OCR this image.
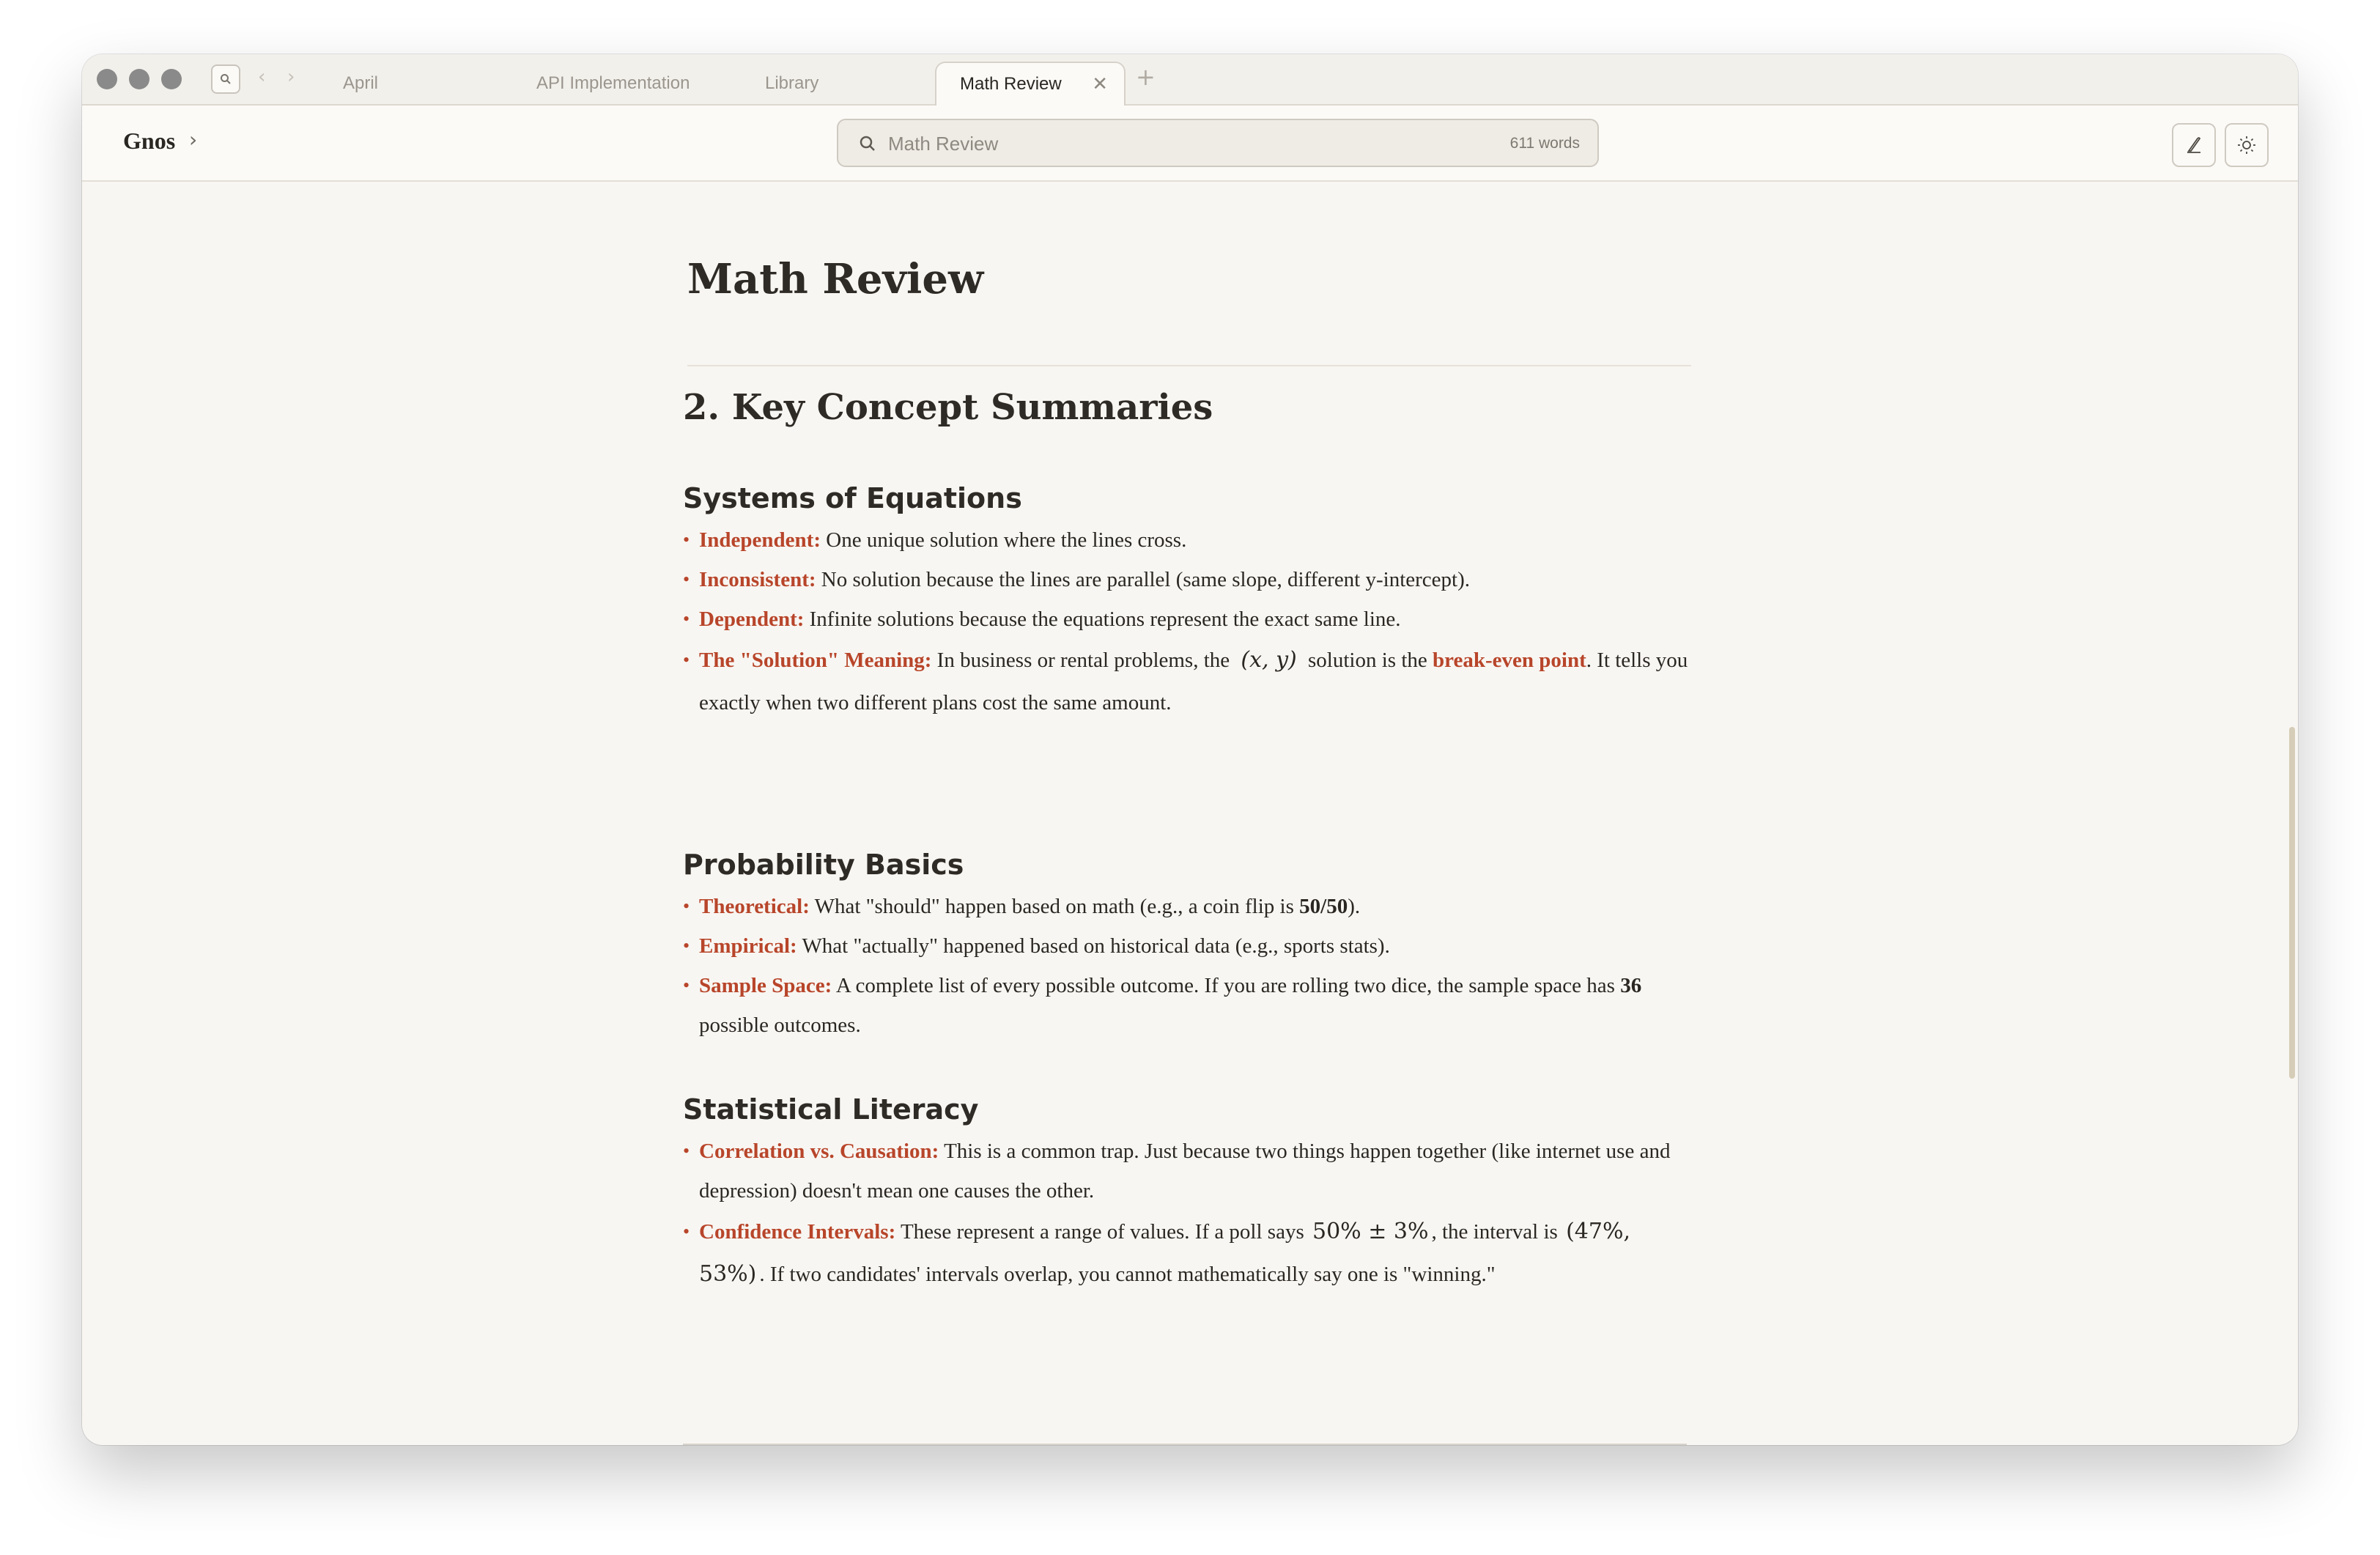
‹ ›	April	API Implementation	Library	Math Review ✕ +
Gnos ›	Math Review	611 words
Math Review
2. Key Concept Summaries
Systems of Equations
• Independent: One unique solution where the lines cross.
• Inconsistent: No solution because the lines are parallel (same slope, different y-intercept).
• Dependent: Infinite solutions because the equations represent the exact same line.
• The "Solution" Meaning: In business or rental problems, the (x, y) solution is the break-even point. It tells you exactly when two different plans cost the same amount.
Probability Basics
• Theoretical: What "should" happen based on math (e.g., a coin flip is 50/50).
• Empirical: What "actually" happened based on historical data (e.g., sports stats).
• Sample Space: A complete list of every possible outcome. If you are rolling two dice, the sample space has 36 possible outcomes.
Statistical Literacy
• Correlation vs. Causation: This is a common trap. Just because two things happen together (like internet use and depression) doesn't mean one causes the other.
• Confidence Intervals: These represent a range of values. If a poll says 50% ± 3% , the interval is (47%, 53%) . If two candidates' intervals overlap, you cannot mathematically say one is "winning."
